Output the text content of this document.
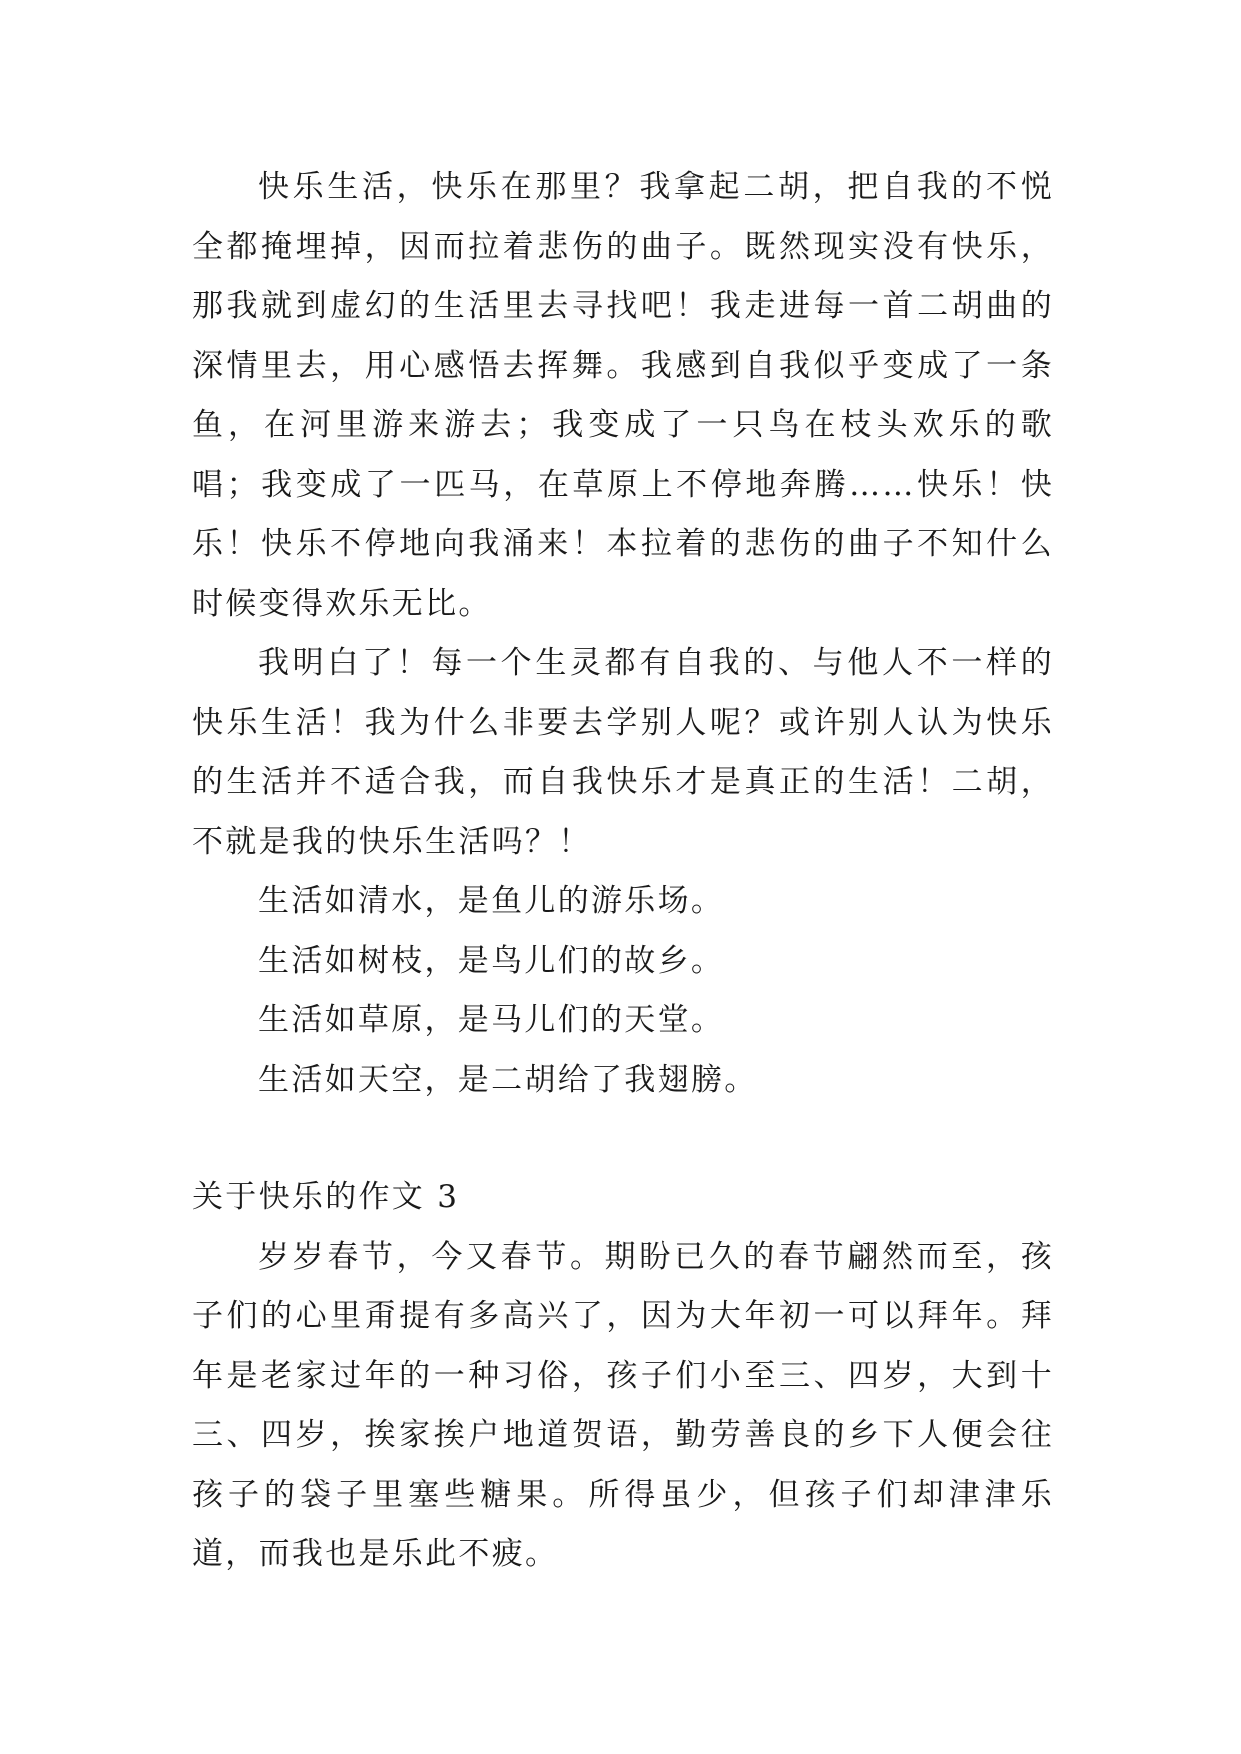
快乐生活，快乐在那里？我拿起二胡，把自我的不悦全都掩埋掉，因而拉着悲伤的曲子。既然现实没有快乐，那我就到虚幻的生活里去寻找吧！我走进每一首二胡曲的深情里去，用心感悟去挥舞。我感到自我似乎变成了一条鱼，在河里游来游去；我变成了一只鸟在枝头欢乐的歌唱；我变成了一匹马，在草原上不停地奔腾……快乐！快乐！快乐不停地向我涌来！本拉着的悲伤的曲子不知什么时候变得欢乐无比。

我明白了！每一个生灵都有自我的、与他人不一样的快乐生活！我为什么非要去学别人呢？或许别人认为快乐的生活并不适合我，而自我快乐才是真正的生活！二胡，不就是我的快乐生活吗？！

生活如清水，是鱼儿的游乐场。

生活如树枝，是鸟儿们的故乡。

生活如草原，是马儿们的天堂。

生活如天空，是二胡给了我翅膀。

关于快乐的作文 3

岁岁春节，今又春节。期盼已久的春节翩然而至，孩子们的心里甭提有多高兴了，因为大年初一可以拜年。拜年是老家过年的一种习俗，孩子们小至三、四岁，大到十三、四岁，挨家挨户地道贺语，勤劳善良的乡下人便会往孩子的袋子里塞些糖果。所得虽少，但孩子们却津津乐道，而我也是乐此不疲。
